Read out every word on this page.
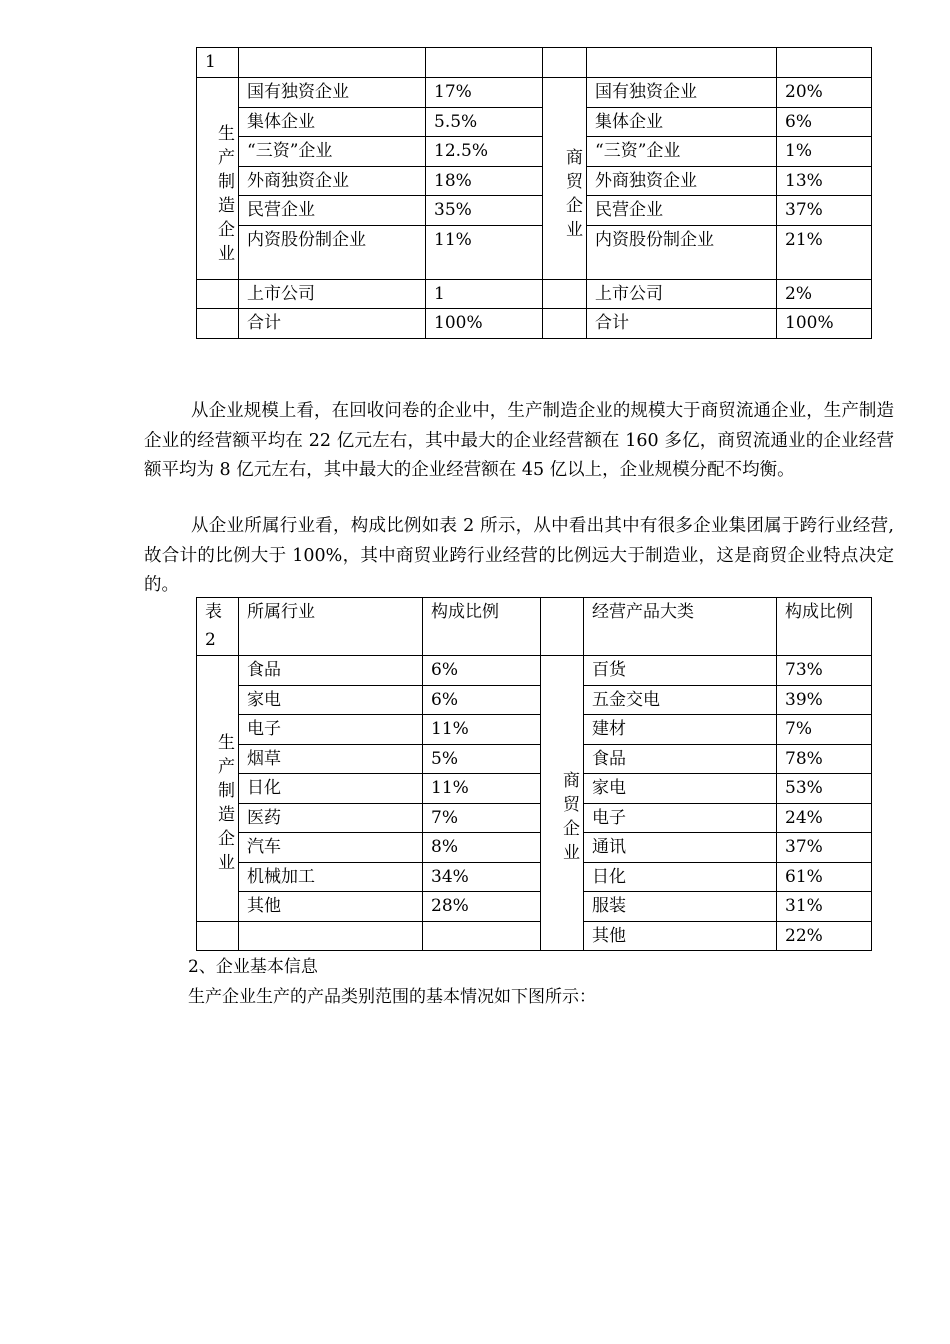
1					
生产制造企业	国有独资企业	17%	商贸企业	国有独资企业	20%
	集体企业	5.5%		集体企业	6%
	“三资”企业	12.5%		“三资”企业	1%
	外商独资企业	18%		外商独资企业	13%
	民营企业	35%		民营企业	37%
	内资股份制企业	11%		内资股份制企业	21%
	上市公司	1		上市公司	2%
	合计	100%		合计	100%

从企业规模上看，在回收问卷的企业中，生产制造企业的规模大于商贸流通企业，生产制造企业的经营额平均在 22 亿元左右，其中最大的企业经营额在 160 多亿，商贸流通业的企业经营额平均为 8 亿元左右，其中最大的企业经营额在 45 亿以上，企业规模分配不均衡。

从企业所属行业看，构成比例如表 2 所示，从中看出其中有很多企业集团属于跨行业经营,故合计的比例大于 100%，其中商贸业跨行业经营的比例远大于制造业，这是商贸企业特点决定的。

表 2	所属行业	构成比例		经营产品大类	构成比例
生产制造企业	食品	6%	商贸企业	百货	73%
	家电	6%		五金交电	39%
	电子	11%		建材	7%
	烟草	5%		食品	78%
	日化	11%		家电	53%
	医药	7%		电子	24%
	汽车	8%		通讯	37%
	机械加工	34%		日化	61%
	其他	28%		服装	31%
				其他	22%

2、企业基本信息

生产企业生产的产品类别范围的基本情况如下图所示：
